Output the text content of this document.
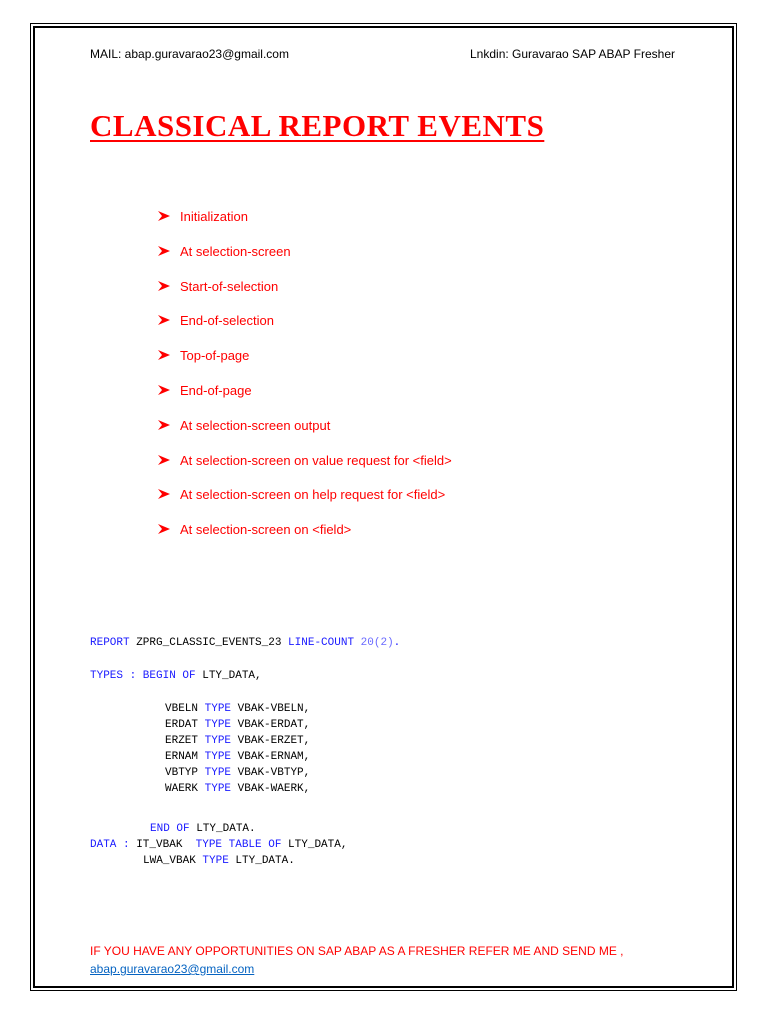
MAIL: abap.guravarao23@gmail.com	Lnkdin: Guravarao SAP ABAP Fresher
CLASSICAL REPORT EVENTS
Initialization
At selection-screen
Start-of-selection
End-of-selection
Top-of-page
End-of-page
At selection-screen output
At selection-screen on value request for <field>
At selection-screen on help request for <field>
At selection-screen on <field>
REPORT ZPRG_CLASSIC_EVENTS_23 LINE-COUNT 20(2).
TYPES : BEGIN OF LTY_DATA,
VBELN TYPE VBAK-VBELN,
ERDAT TYPE VBAK-ERDAT,
ERZET TYPE VBAK-ERZET,
ERNAM TYPE VBAK-ERNAM,
VBTYP TYPE VBAK-VBTYP,
WAERK TYPE VBAK-WAERK,
END OF LTY_DATA.
DATA : IT_VBAK  TYPE TABLE OF LTY_DATA,
LWA_VBAK TYPE LTY_DATA.
IF YOU HAVE ANY OPPORTUNITIES ON SAP ABAP AS A FRESHER REFER ME AND SEND ME ,
abap.guravarao23@gmail.com
